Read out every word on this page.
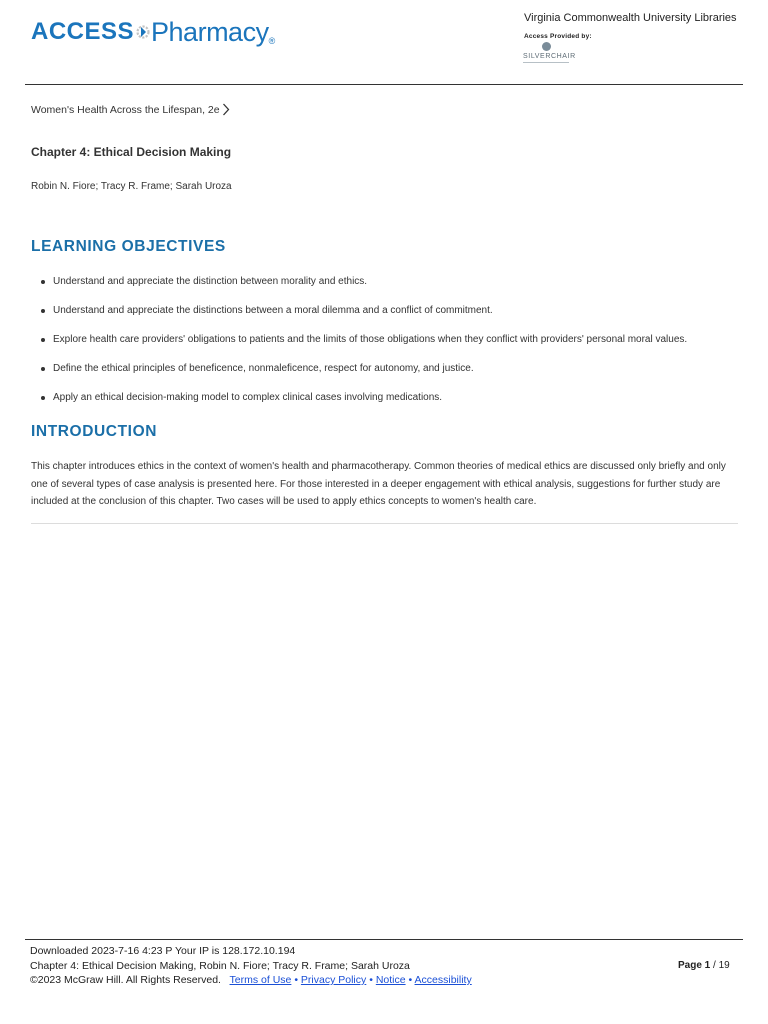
ACCESS Pharmacy ®
Virginia Commonwealth University Libraries
Access Provided by:
SILVERCHAIR
Women's Health Across the Lifespan, 2e
Chapter 4: Ethical Decision Making
Robin N. Fiore; Tracy R. Frame; Sarah Uroza
LEARNING OBJECTIVES
Understand and appreciate the distinction between morality and ethics.
Understand and appreciate the distinctions between a moral dilemma and a conflict of commitment.
Explore health care providers' obligations to patients and the limits of those obligations when they conflict with providers' personal moral values.
Define the ethical principles of beneficence, nonmaleficence, respect for autonomy, and justice.
Apply an ethical decision-making model to complex clinical cases involving medications.
INTRODUCTION

This chapter introduces ethics in the context of women's health and pharmacotherapy. Common theories of medical ethics are discussed only briefly and only one of several types of case analysis is presented here. For those interested in a deeper engagement with ethical analysis, suggestions for further study are included at the conclusion of this chapter. Two cases will be used to apply ethics concepts to women's health care.

Downloaded 2023-7-16 4:23 P Your IP is 128.172.10.194
Chapter 4: Ethical Decision Making, Robin N. Fiore; Tracy R. Frame; Sarah Uroza
©2023 McGraw Hill. All Rights Reserved. Terms of Use • Privacy Policy • Notice • Accessibility
Page 1 / 19
